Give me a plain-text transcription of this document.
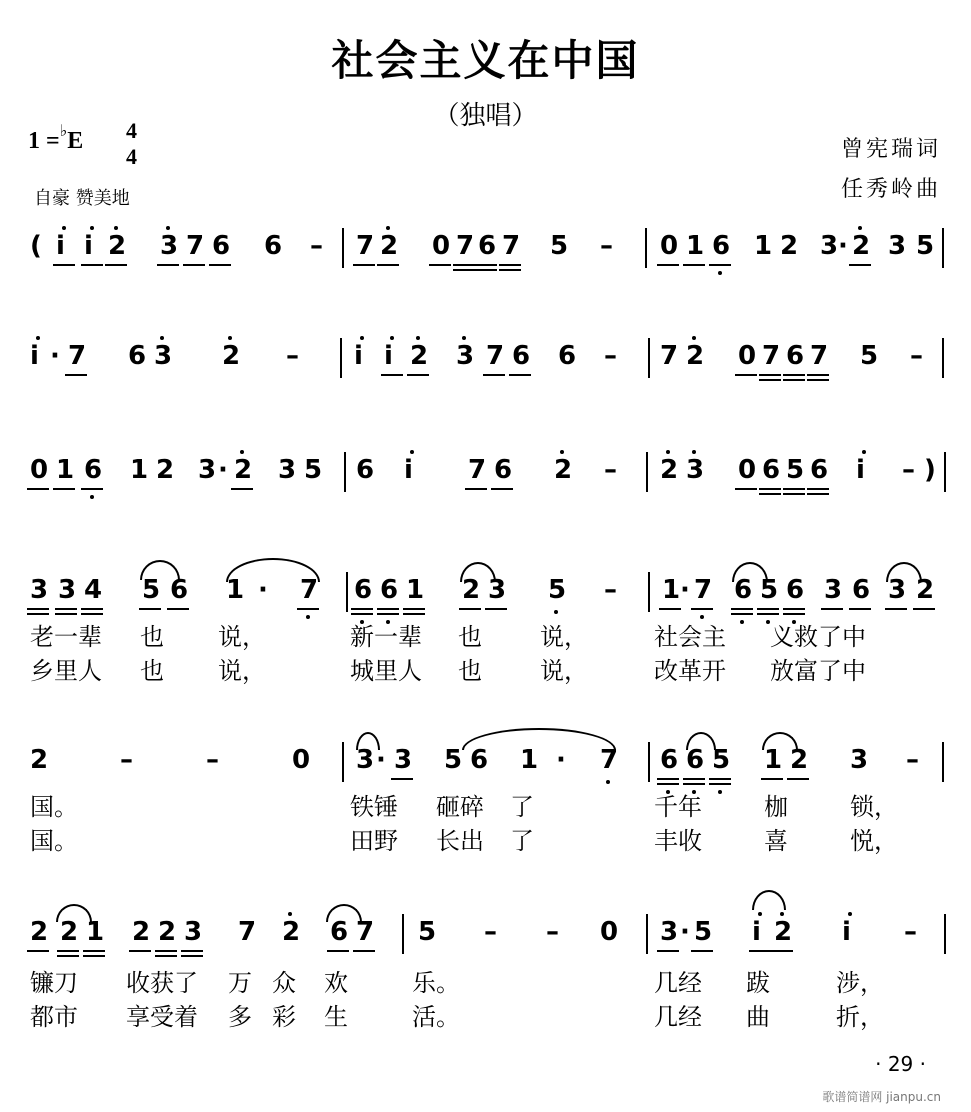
社会主义在中国
（独唱）
1 =♭E 4
4
自豪 赞美地
曾宪瑞词
任秀岭曲
( i i 2 3 7 6 6 – 7 2 0 7 6 7 5 – 0 1 6 1 2 3 · 2 3 5
i · 7 6 3 2 – i i 2 3 7 6 6 – 7 2 0 7 6 7 5 –
0 1 6 1 2 3 · 2 3 5 6 i 7 6 2 – 2 3 0 6 5 6 i – )
3 3 4 5 6 1 · 7 6 6 1 2 3 5 – 1 · 7 6 5 6 3 6 3 2
2	–	–	0 3 · 3 5 6 1 · 7 6 6 5 1 2 3 –
2 2 1 2 2 3 7 2 6 7 5 – – 0 3 · 5 i 2 i –
老一辈 也 说，	新一辈 也 说，	社会主 义救了中
乡里人 也 说，	城里人 也 说，	改革开 放富了中
国。	铁锤 砸碎 了	千年	枷	锁，
国。	田野 长出 了	丰收	喜	悦，
镰刀 收获了 万 众 欢	乐。	几经 跋	涉，
都市 享受着 多 彩 生	活。	几经 曲	折，
· 29 ·
歌谱简谱网 jianpu.cn
